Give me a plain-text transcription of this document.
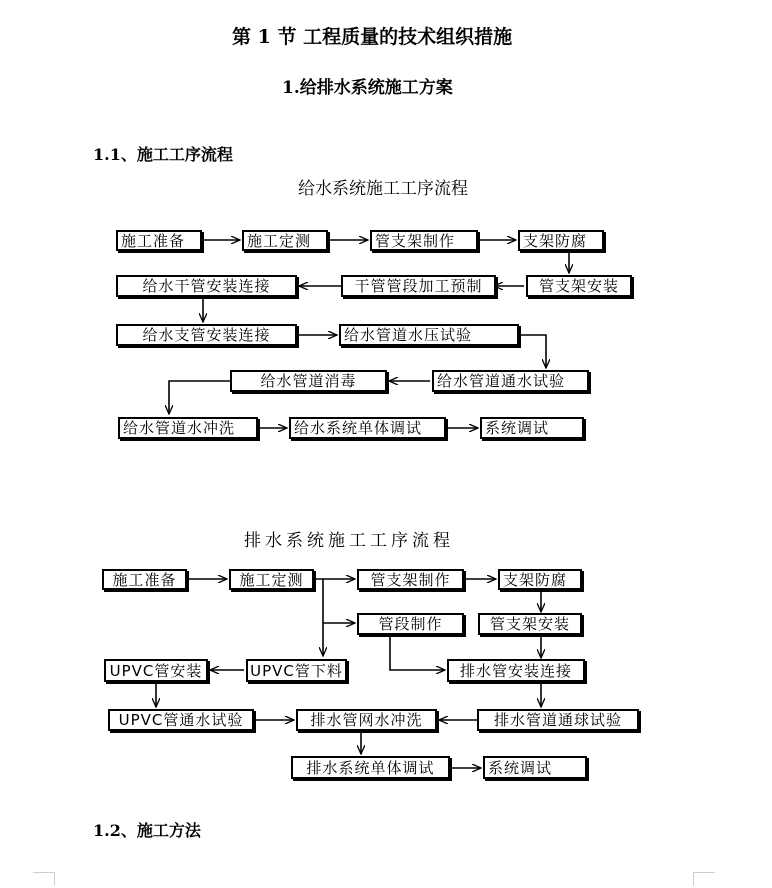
第 1 节 工程质量的技术组织措施
1.给排水系统施工方案
1.1、施工工序流程
给水系统施工工序流程
施工准备	施工定测	管支架制作	支架防腐
给水干管安装连接	干管管段加工预制	管支架安装
给水支管安装连接	给水管道水压试验
给水管道消毒	给水管道通水试验
给水管道水冲洗	给水系统单体调试	系统调试
排水系统施工工序流程
施工准备	施工定测	管支架制作	支架防腐
管段制作	管支架安装
UPVC管安装	UPVC管下料	排水管安装连接
UPVC管通水试验	排水管网水冲洗	排水管道通球试验
排水系统单体调试	系统调试
1.2、施工方法
